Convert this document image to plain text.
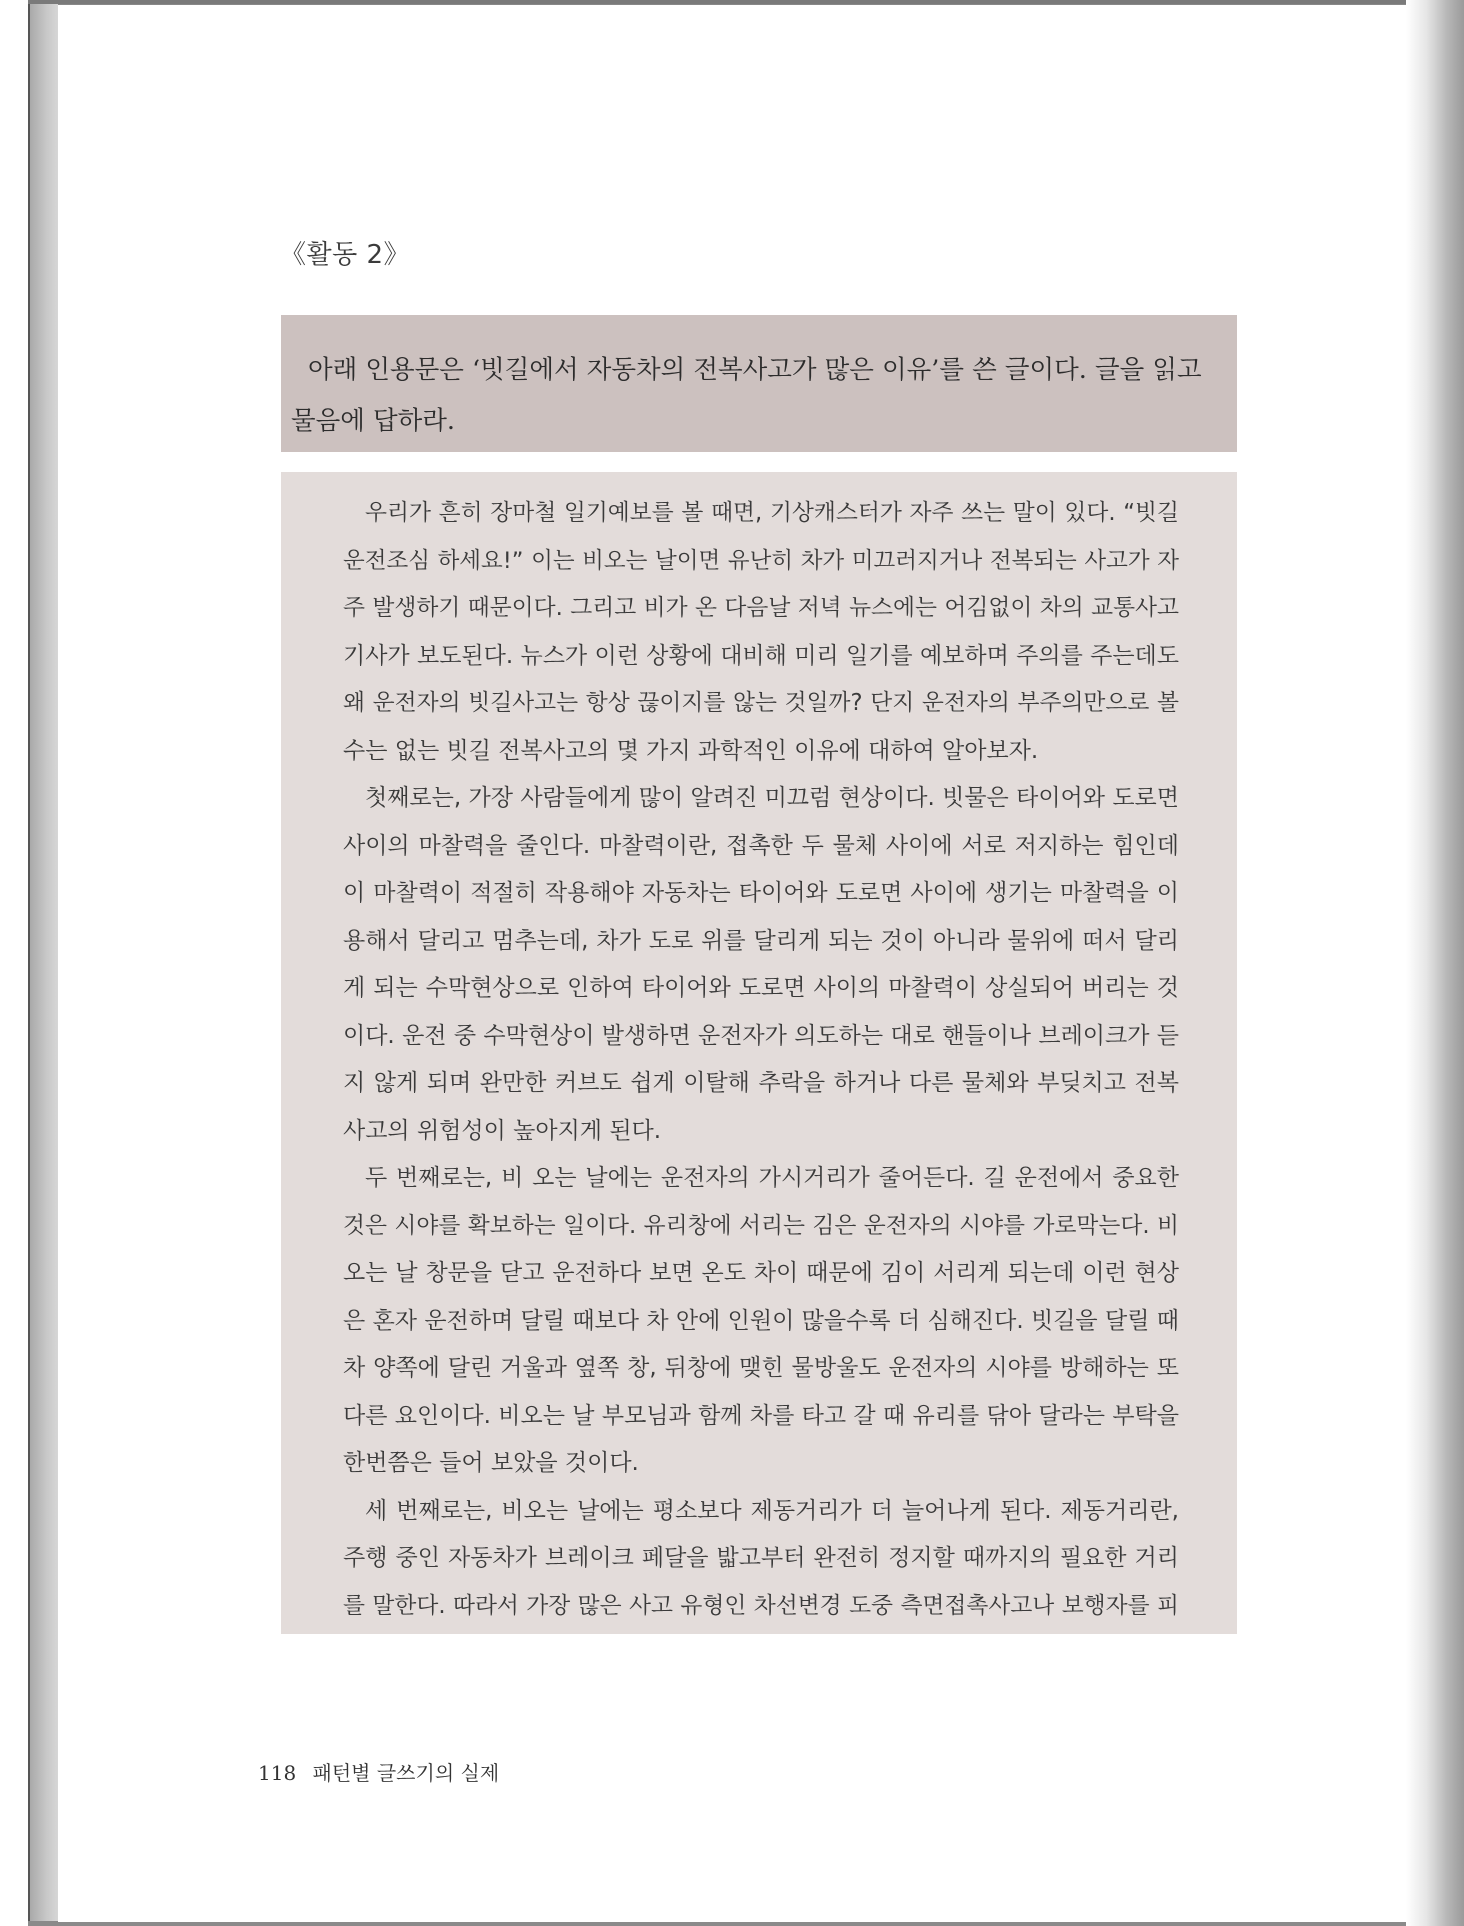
《활동 2》

아래 인용문은 ‘빗길에서 자동차의 전복사고가 많은 이유’를 쓴 글이다. 글을 읽고
물음에 답하라.

우리가 흔히 장마철 일기예보를 볼 때면, 기상캐스터가 자주 쓰는 말이 있다. “빗길
운전조심 하세요!” 이는 비오는 날이면 유난히 차가 미끄러지거나 전복되는 사고가 자
주 발생하기 때문이다. 그리고 비가 온 다음날 저녁 뉴스에는 어김없이 차의 교통사고
기사가 보도된다. 뉴스가 이런 상황에 대비해 미리 일기를 예보하며 주의를 주는데도
왜 운전자의 빗길사고는 항상 끊이지를 않는 것일까? 단지 운전자의 부주의만으로 볼
수는 없는 빗길 전복사고의 몇 가지 과학적인 이유에 대하여 알아보자.
첫째로는, 가장 사람들에게 많이 알려진 미끄럼 현상이다. 빗물은 타이어와 도로면
사이의 마찰력을 줄인다. 마찰력이란, 접촉한 두 물체 사이에 서로 저지하는 힘인데
이 마찰력이 적절히 작용해야 자동차는 타이어와 도로면 사이에 생기는 마찰력을 이
용해서 달리고 멈추는데, 차가 도로 위를 달리게 되는 것이 아니라 물위에 떠서 달리
게 되는 수막현상으로 인하여 타이어와 도로면 사이의 마찰력이 상실되어 버리는 것
이다. 운전 중 수막현상이 발생하면 운전자가 의도하는 대로 핸들이나 브레이크가 듣
지 않게 되며 완만한 커브도 쉽게 이탈해 추락을 하거나 다른 물체와 부딪치고 전복
사고의 위험성이 높아지게 된다.
두 번째로는, 비 오는 날에는 운전자의 가시거리가 줄어든다. 길 운전에서 중요한
것은 시야를 확보하는 일이다. 유리창에 서리는 김은 운전자의 시야를 가로막는다. 비
오는 날 창문을 닫고 운전하다 보면 온도 차이 때문에 김이 서리게 되는데 이런 현상
은 혼자 운전하며 달릴 때보다 차 안에 인원이 많을수록 더 심해진다. 빗길을 달릴 때
차 양쪽에 달린 거울과 옆쪽 창, 뒤창에 맺힌 물방울도 운전자의 시야를 방해하는 또
다른 요인이다. 비오는 날 부모님과 함께 차를 타고 갈 때 유리를 닦아 달라는 부탁을
한번쯤은 들어 보았을 것이다.
세 번째로는, 비오는 날에는 평소보다 제동거리가 더 늘어나게 된다. 제동거리란,
주행 중인 자동차가 브레이크 페달을 밟고부터 완전히 정지할 때까지의 필요한 거리
를 말한다. 따라서 가장 많은 사고 유형인 차선변경 도중 측면접촉사고나 보행자를 피
118 패턴별 글쓰기의 실제
